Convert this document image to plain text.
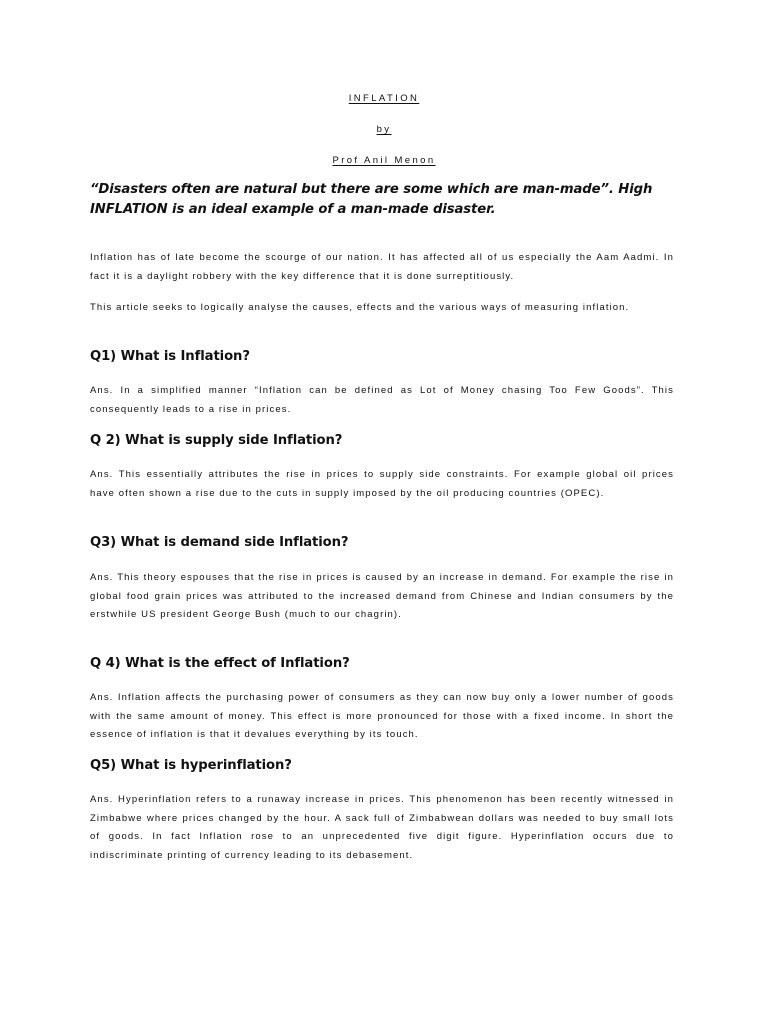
INFLATION
by
Prof Anil Menon
“Disasters often are natural but there are some which are man-made”. High INFLATION is an ideal example of a man-made disaster.

Inflation has of late become the scourge of our nation. It has affected all of us especially the Aam Aadmi. In fact it is a daylight robbery with the key difference that it is done surreptitiously.

This article seeks to logically analyse the causes, effects and the various ways of measuring inflation.

Q1) What is Inflation?

Ans. In a simplified manner “Inflation can be defined as Lot of Money chasing Too Few Goods”. This consequently leads to a rise in prices.

Q 2) What is supply side Inflation?

Ans. This essentially attributes the rise in prices to supply side constraints. For example global oil prices have often shown a rise due to the cuts in supply imposed by the oil producing countries (OPEC).

Q3) What is demand side Inflation?

Ans. This theory espouses that the rise in prices is caused by an increase in demand. For example the rise in global food grain prices was attributed to the increased demand from Chinese and Indian consumers by the erstwhile US president George Bush (much to our chagrin).

Q 4) What is the effect of Inflation?

Ans. Inflation affects the purchasing power of consumers as they can now buy only a lower number of goods with the same amount of money. This effect is more pronounced for those with a fixed income. In short the essence of inflation is that it devalues everything by its touch.

Q5) What is hyperinflation?

Ans. Hyperinflation refers to a runaway increase in prices. This phenomenon has been recently witnessed in Zimbabwe where prices changed by the hour. A sack full of Zimbabwean dollars was needed to buy small lots of goods. In fact Inflation rose to an unprecedented five digit figure. Hyperinflation occurs due to indiscriminate printing of currency leading to its debasement.
